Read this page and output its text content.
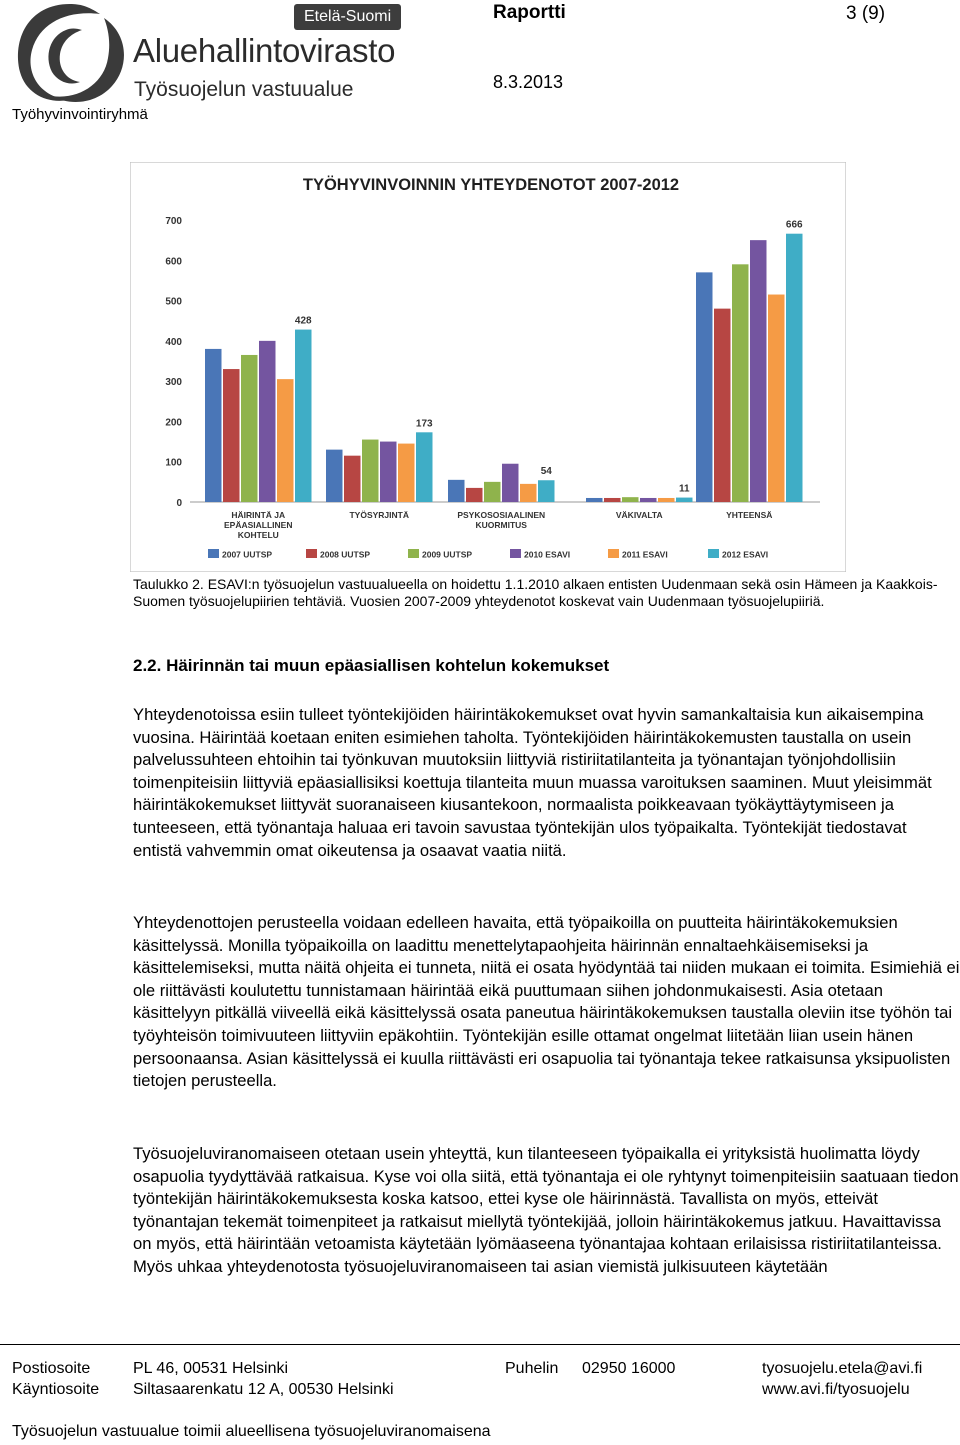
Etelä-Suomi
Aluehallintovirasto
Työsuojelun vastuualue
Työhyvinvointiryhmä
Raportti	3 (9)
8.3.2013
TYÖHYVINVOINNIN YHTEYDENOTOT 2007-2012
0
100
200
300
400
500
600
700
428
173
54
11
666
HÄIRINTÄ JA
EPÄASIALLINEN
KOHTELU
TYÖSYRJINTÄ	PSYKOSOSIAALINEN
KUORMITUS
VÄKIVALTA	YHTEENSÄ
2007 UUTSP	2008 UUTSP	2009 UUTSP	2010 ESAVI	2011 ESAVI	2012 ESAVI
Taulukko 2. ESAVI:n työsuojelun vastuualueella on hoidettu 1.1.2010 alkaen entisten Uudenmaan sekä osin Hämeen ja Kaakkois-Suomen työsuojelupiirien tehtäviä. Vuosien 2007-2009 yhteydenotot koskevat vain Uudenmaan työsuojelupiiriä.
2.2. Häirinnän tai muun epäasiallisen kohtelun kokemukset
Yhteydenotoissa esiin tulleet työntekijöiden häirintäkokemukset ovat hyvin samankaltaisia kun aikaisempina vuosina. Häirintää koetaan eniten esimiehen taholta. Työntekijöiden häirintäkokemusten taustalla on usein palvelussuhteen ehtoihin tai työnkuvan muutoksiin liittyviä ristiriitatilanteita ja työnantajan työnjohdollisiin toimenpiteisiin liittyviä epäasiallisiksi koettuja tilanteita muun muassa varoituksen saaminen. Muut yleisimmät häirintäkokemukset liittyvät suoranaiseen kiusantekoon, normaalista poikkeavaan työkäyttäytymiseen ja tunteeseen, että työnantaja haluaa eri tavoin savustaa työntekijän ulos työpaikalta. Työntekijät tiedostavat entistä vahvemmin omat oikeutensa ja osaavat vaatia niitä.
Yhteydenottojen perusteella voidaan edelleen havaita, että työpaikoilla on puutteita häirintäkokemuksien käsittelyssä. Monilla työpaikoilla on laadittu menettelytapaohjeita häirinnän ennaltaehkäisemiseksi ja käsittelemiseksi, mutta näitä ohjeita ei tunneta, niitä ei osata hyödyntää tai niiden mukaan ei toimita. Esimiehiä ei ole riittävästi koulutettu tunnistamaan häirintää eikä puuttumaan siihen johdonmukaisesti. Asia otetaan käsittelyyn pitkällä viiveellä eikä käsittelyssä osata paneutua häirintäkokemuksen taustalla oleviin itse työhön tai työyhteisön toimivuuteen liittyviin epäkohtiin. Työntekijän esille ottamat ongelmat liitetään liian usein hänen persoonaansa. Asian käsittelyssä ei kuulla riittävästi eri osapuolia tai työnantaja tekee ratkaisunsa yksipuolisten tietojen perusteella.
Työsuojeluviranomaiseen otetaan usein yhteyttä, kun tilanteeseen työpaikalla ei yrityksistä huolimatta löydy osapuolia tyydyttävää ratkaisua. Kyse voi olla siitä, että työnantaja ei ole ryhtynyt toimenpiteisiin saatuaan tiedon työntekijän häirintäkokemuksesta koska katsoo, ettei kyse ole häirinnästä. Tavallista on myös, etteivät työnantajan tekemät toimenpiteet ja ratkaisut miellytä työntekijää, jolloin häirintäkokemus jatkuu. Havaittavissa on myös, että häirintään vetoamista käytetään lyömäaseena työnantajaa kohtaan erilaisissa ristiriitatilanteissa. Myös uhkaa yhteydenotosta työsuojeluviranomaiseen tai asian viemistä julkisuuteen käytetään
Postiosoite	PL 46, 00531 Helsinki	Puhelin 02950 16000	tyosuojelu.etela@avi.fi
Käyntiosoite Siltasaarenkatu 12 A, 00530 Helsinki	www.avi.fi/tyosuojelu
Työsuojelun vastuualue toimii alueellisena työsuojeluviranomaisena
